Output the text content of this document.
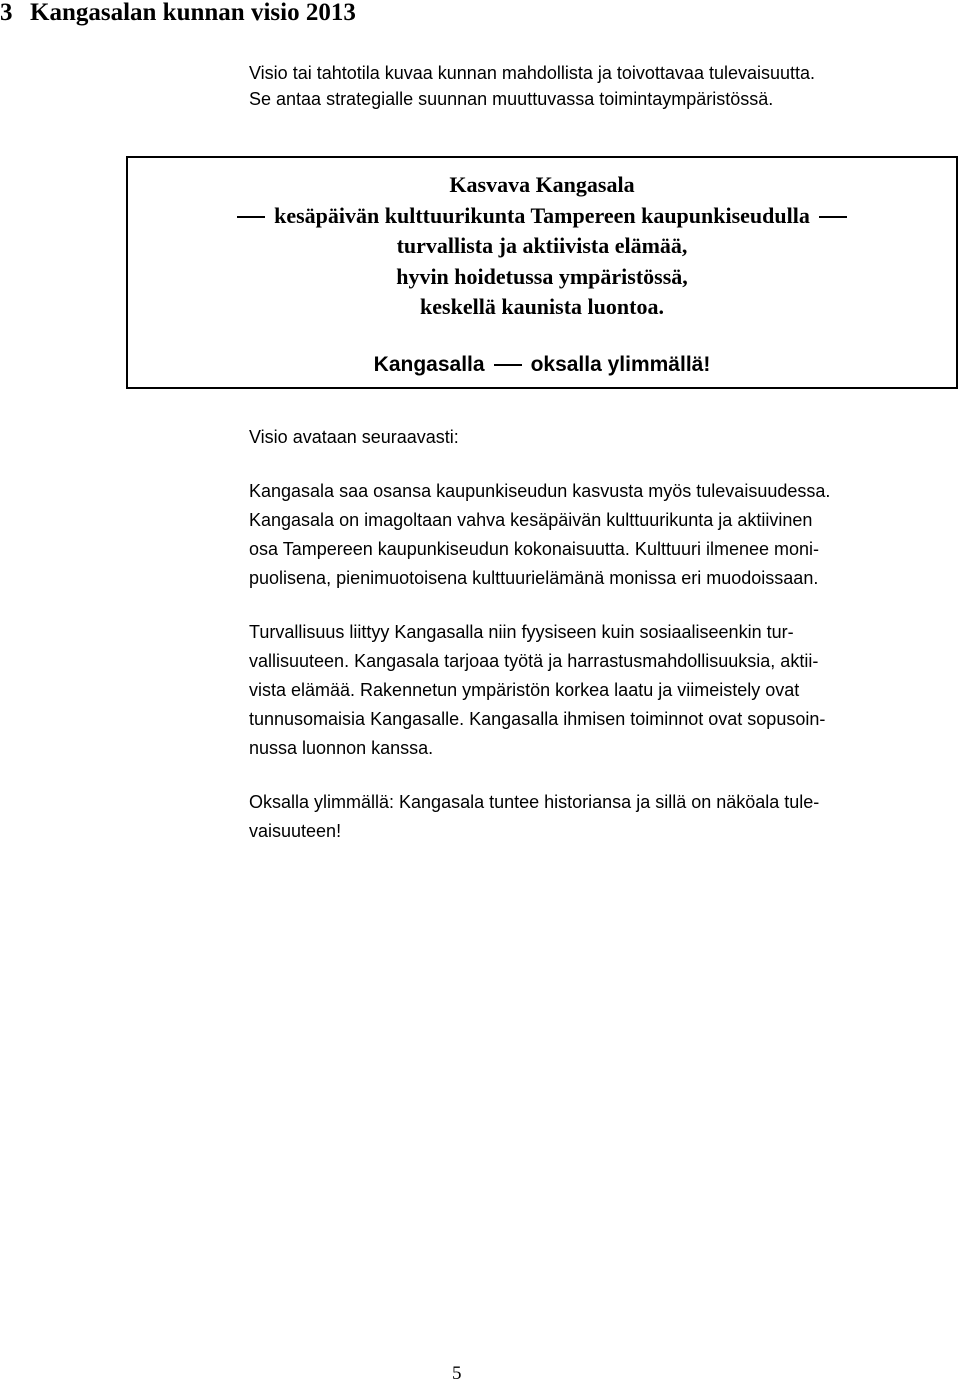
3 Kangasalan kunnan visio 2013

Visio tai tahtotila kuvaa kunnan mahdollista ja toivottavaa tulevaisuutta.

Se antaa strategialle suunnan muuttuvassa toimintaympäristössä.

Kasvava Kangasala
kesäpäivän kulttuurikunta Tampereen kaupunkiseudulla
turvallista ja aktiivista elämää,
hyvin hoidetussa ympäristössä,
keskellä kaunista luontoa.
Kangasalla oksalla ylimmällä!

Visio avataan seuraavasti:

Kangasala saa osansa kaupunkiseudun kasvusta myös tulevaisuudessa.
Kangasala on imagoltaan vahva kesäpäivän kulttuurikunta ja aktiivinen
osa Tampereen kaupunkiseudun kokonaisuutta. Kulttuuri ilmenee moni-
puolisena, pienimuotoisena kulttuurielämänä monissa eri muodoissaan.
Turvallisuus liittyy Kangasalla niin fyysiseen kuin sosiaaliseenkin tur-
vallisuuteen. Kangasala tarjoaa työtä ja harrastusmahdollisuuksia, aktii-
vista elämää. Rakennetun ympäristön korkea laatu ja viimeistely ovat
tunnusomaisia Kangasalle. Kangasalla ihmisen toiminnot ovat sopusoin-
nussa luonnon kanssa.
Oksalla ylimmällä: Kangasala tuntee historiansa ja sillä on näköala tule-
vaisuuteen!
5
